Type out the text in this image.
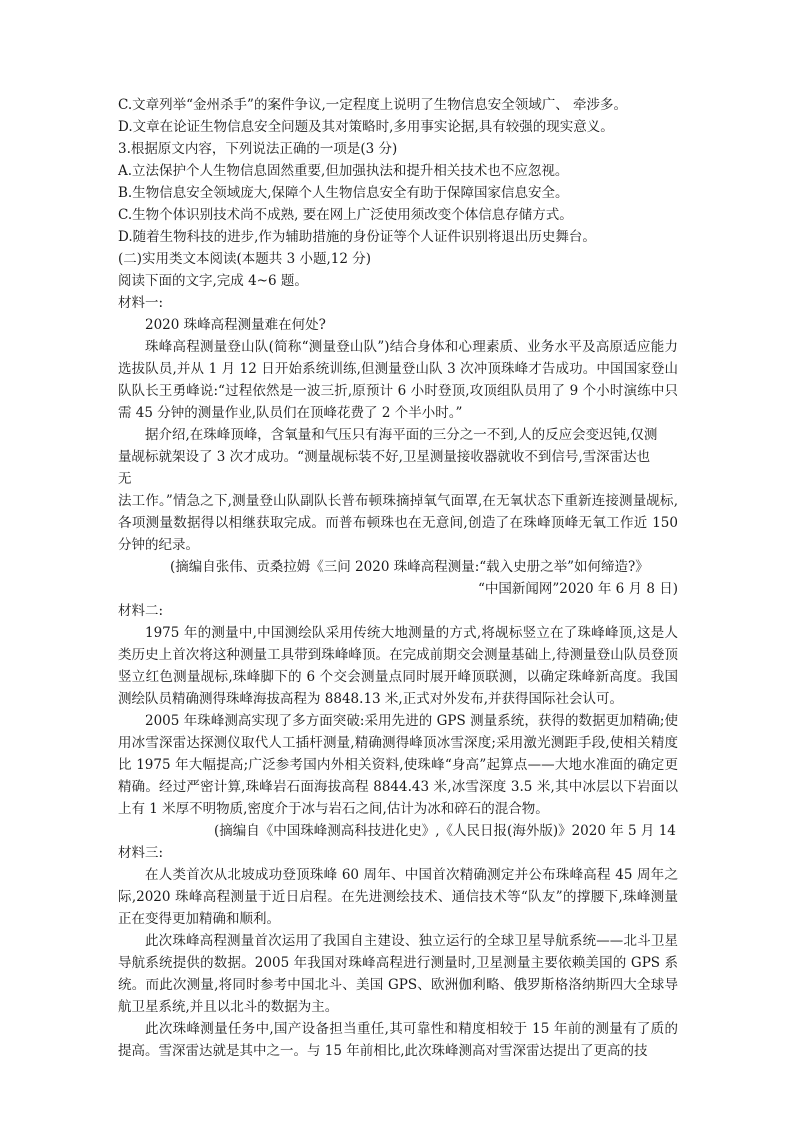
C.文章列举“金州杀手”的案件争议,一定程度上说明了生物信息安全领域广、 牵涉多。
D.文章在论证生物信息安全问题及其对策略时,多用事实论据,具有较强的现实意义。
3.根据原文内容，下列说法正确的一项是(3 分)
A.立法保护个人生物信息固然重要,但加强执法和提升相关技术也不应忽视。
B.生物信息安全领域庞大,保障个人生物信息安全有助于保障国家信息安全。
C.生物个体识别技术尚不成熟, 要在网上广泛使用须改变个体信息存储方式。
D.随着生物科技的进步,作为辅助措施的身份证等个人证件识别将退出历史舞台。
(二)实用类文本阅读(本题共 3 小题,12 分)
阅读下面的文字,完成 4~6 题。
材料一:
2020 珠峰高程测量难在何处?
珠峰高程测量登山队(简称“测量登山队”)结合身体和心理素质、业务水平及高原适应能力选拔队员,并从 1 月 12 日开始系统训练,但测量登山队 3 次冲顶珠峰才告成功。中国国家登山队队长王勇峰说:“过程依然是一波三折,原预计 6 小时登顶,攻顶组队员用了 9 个小时演练中只需 45 分钟的测量作业,队员们在顶峰花费了 2 个半小时。”
据介绍,在珠峰顶峰，含氧量和气压只有海平面的三分之一不到,人的反应会变迟钝,仅测
量觇标就架设了 3 次才成功。“测量觇标装不好,卫星测量接收器就收不到信号,雪深雷达也
无
法工作。”情急之下,测量登山队副队长普布顿珠摘掉氧气面罩,在无氧状态下重新连接测量觇标,各项测量数据得以相继获取完成。而普布顿珠也在无意间,创造了在珠峰顶峰无氧工作近 150 分钟的纪录。
(摘编自张伟、贡桑拉姆《三问 2020 珠峰高程测量:“载入史册之举”如何缔造?》
“中国新闻网”2020 年 6 月 8 日)
材料二:
1975 年的测量中,中国测绘队采用传统大地测量的方式,将觇标竖立在了珠峰峰顶,这是人类历史上首次将这种测量工具带到珠峰峰顶。在完成前期交会测量基础上,待测量登山队员登顶竖立红色测量觇标,珠峰脚下的 6 个交会测量点同时展开峰顶联测，以确定珠峰新高度。我国测绘队员精确测得珠峰海拔高程为 8848.13 米,正式对外发布,并获得国际社会认可。
2005 年珠峰测高实现了多方面突破:采用先进的 GPS 测量系统，获得的数据更加精确;使用冰雪深雷达探测仪取代人工插杆测量,精确测得峰顶冰雪深度;采用激光测距手段,使相关精度比 1975 年大幅提高;广泛参考国内外相关资料,使珠峰“身高”起算点——大地水准面的确定更精确。经过严密计算,珠峰岩石面海拔高程 8844.43 米,冰雪深度 3.5 米,其中冰层以下岩面以上有 1 米厚不明物质,密度介于冰与岩石之间,估计为冰和碎石的混合物。
(摘编自《中国珠峰测高科技进化史》,《人民日报(海外版)》2020 年 5 月 14
材料三:
在人类首次从北坡成功登顶珠峰 60 周年、中国首次精确测定并公布珠峰高程 45 周年之际,2020 珠峰高程测量于近日启程。在先进测绘技术、通信技术等“队友”的撑腰下,珠峰测量正在变得更加精确和顺利。
此次珠峰高程测量首次运用了我国自主建设、独立运行的全球卫星导航系统——北斗卫星导航系统提供的数据。2005 年我国对珠峰高程进行测量时,卫星测量主要依赖美国的 GPS 系统。而此次测量,将同时参考中国北斗、美国 GPS、欧洲伽利略、俄罗斯格洛纳斯四大全球导航卫星系统,并且以北斗的数据为主。
此次珠峰测量任务中,国产设备担当重任,其可靠性和精度相较于 15 年前的测量有了质的提高。雪深雷达就是其中之一。与 15 年前相比,此次珠峰测高对雪深雷达提出了更高的技
